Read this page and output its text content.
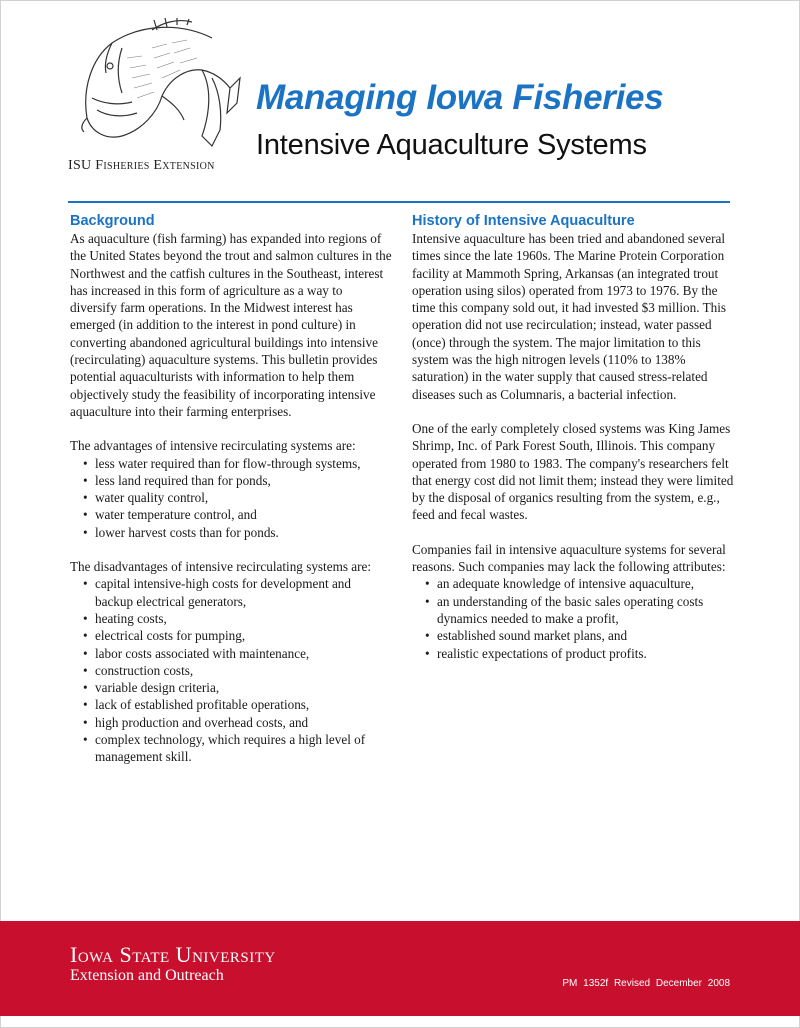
ISU Fisheries Extension
Managing Iowa Fisheries
Intensive Aquaculture Systems
Background

As aquaculture (fish farming) has expanded into regions of the United States beyond the trout and salmon cultures in the Northwest and the catfish cultures in the Southeast, interest has increased in this form of agriculture as a way to diversify farm operations. In the Midwest interest has emerged (in addition to the interest in pond culture) in converting abandoned agricultural buildings into intensive (recirculating) aquaculture systems. This bulletin provides potential aquaculturists with information to help them objectively study the feasibility of incorporating intensive aquaculture into their farming enterprises.

The advantages of intensive recirculating systems are:

• less water required than for flow-through systems,
• less land required than for ponds,
• water quality control,
• water temperature control, and
• lower harvest costs than for ponds.

The disadvantages of intensive recirculating systems are:

• capital intensive-high costs for development and backup electrical generators,
• heating costs,
• electrical costs for pumping,
• labor costs associated with maintenance,
• construction costs,
• variable design criteria,
• lack of established profitable operations,
• high production and overhead costs, and
• complex technology, which requires a high level of management skill.
History of Intensive Aquaculture

Intensive aquaculture has been tried and abandoned several times since the late 1960s. The Marine Protein Corporation facility at Mammoth Spring, Arkansas (an integrated trout operation using silos) operated from 1973 to 1976. By the time this company sold out, it had invested $3 million. This operation did not use recirculation; instead, water passed (once) through the system. The major limitation to this system was the high nitrogen levels (110% to 138% saturation) in the water supply that caused stress-related diseases such as Columnaris, a bacterial infection.

One of the early completely closed systems was King James Shrimp, Inc. of Park Forest South, Illinois. This company operated from 1980 to 1983. The company's researchers felt that energy cost did not limit them; instead they were limited by the disposal of organics resulting from the system, e.g., feed and fecal wastes.

Companies fail in intensive aquaculture systems for several reasons. Such companies may lack the following attributes:

• an adequate knowledge of intensive aquaculture,
• an understanding of the basic sales operating costs dynamics needed to make a profit,
• established sound market plans, and
• realistic expectations of product profits.
Iowa State University
Extension and Outreach	PM 1352f Revised December 2008
